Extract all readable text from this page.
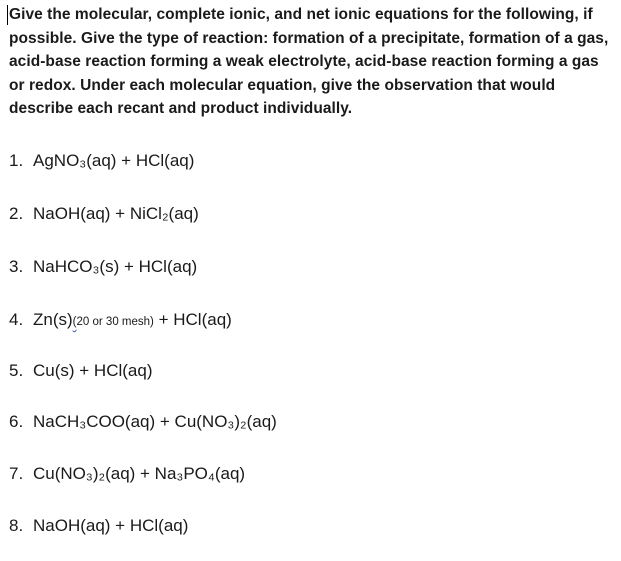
Give the molecular, complete ionic, and net ionic equations for the following, if possible. Give the type of reaction: formation of a precipitate, formation of a gas, acid-base reaction forming a weak electrolyte, acid-base reaction forming a gas or redox. Under each molecular equation, give the observation that would describe each recant and product individually.

1. AgNO₃(aq) + HCl(aq)
2. NaOH(aq) + NiCl₂(aq)
3. NaHCO₃(s) + HCl(aq)
4. Zn(s)(20 or 30 mesh) + HCl(aq)
5. Cu(s) + HCl(aq)
6. NaCH₃COO(aq) + Cu(NO₃)₂(aq)
7. Cu(NO₃)₂(aq) + Na₃PO₄(aq)
8. NaOH(aq) + HCl(aq)
